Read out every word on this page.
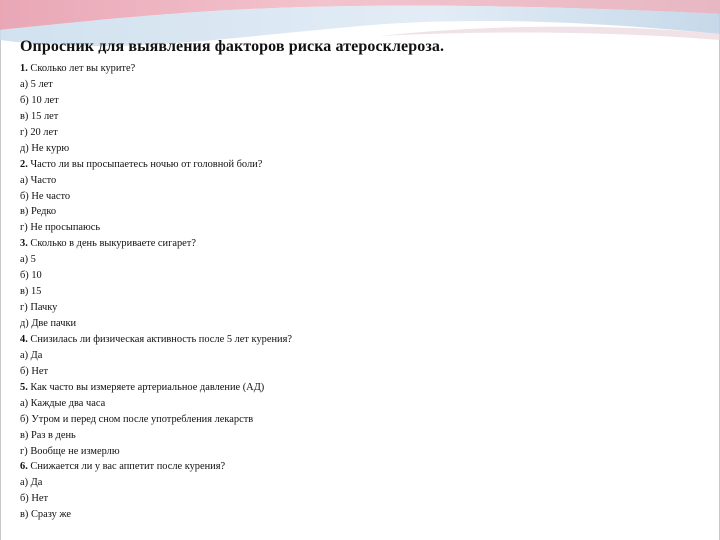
Опросник для выявления факторов риска атеросклероза.
1. Сколько лет вы курите?
а) 5 лет
б) 10 лет
в) 15 лет
г) 20 лет
д) Не курю
2. Часто ли вы просыпаетесь ночью от головной боли?
а) Часто
б) Не часто
в) Редко
г) Не просыпаюсь
3. Сколько в день выкуриваете сигарет?
а) 5
б) 10
в) 15
г) Пачку
д) Две пачки
4. Снизилась ли физическая активность после 5 лет курения?
а) Да
б) Нет
5. Как часто вы измеряете артериальное давление (АД)
а) Каждые два часа
б) Утром и перед сном после употребления лекарств
в) Раз в день
г) Вообще не измерлю
6. Снижается ли у вас аппетит после курения?
а) Да
б) Нет
в) Сразу же
